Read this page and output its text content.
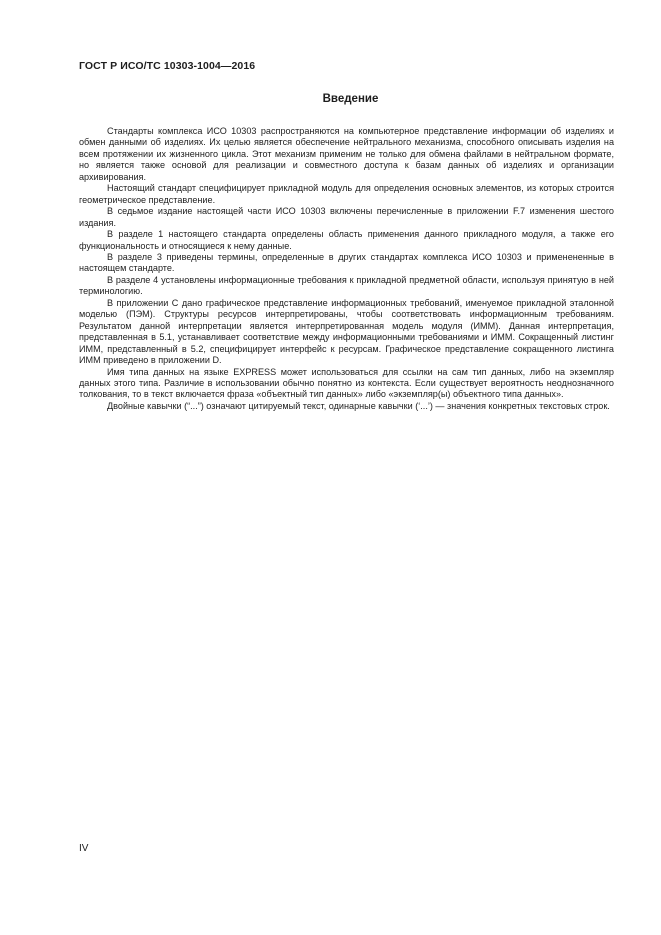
ГОСТ Р ИСО/ТС 10303-1004—2016
Введение

Стандарты комплекса ИСО 10303 распространяются на компьютерное представление информации об изделиях и обмен данными об изделиях. Их целью является обеспечение нейтрального механизма, способного описывать изделия на всем протяжении их жизненного цикла. Этот механизм применим не только для обмена файлами в нейтральном формате, но является также основой для реализации и совместного доступа к базам данных об изделиях и организации архивирования.

Настоящий стандарт специфицирует прикладной модуль для определения основных элементов, из которых строится геометрическое представление.

В седьмое издание настоящей части ИСО 10303 включены перечисленные в приложении F.7 изменения шестого издания.

В разделе 1 настоящего стандарта определены область применения данного прикладного модуля, а также его функциональность и относящиеся к нему данные.

В разделе 3 приведены термины, определенные в других стандартах комплекса ИСО 10303 и применененные в настоящем стандарте.

В разделе 4 установлены информационные требования к прикладной предметной области, используя принятую в ней терминологию.

В приложении С дано графическое представление информационных требований, именуемое прикладной эталонной моделью (ПЭМ). Структуры ресурсов интерпретированы, чтобы соответствовать информационным требованиям. Результатом данной интерпретации является интерпретированная модель модуля (ИММ). Данная интерпретация, представленная в 5.1, устанавливает соответствие между информационными требованиями и ИММ. Сокращенный листинг ИММ, представленный в 5.2, специфицирует интерфейс к ресурсам. Графическое представление сокращенного листинга ИММ приведено в приложении D.

Имя типа данных на языке EXPRESS может использоваться для ссылки на сам тип данных, либо на экземпляр данных этого типа. Различие в использовании обычно понятно из контекста. Если существует вероятность неоднозначного толкования, то в текст включается фраза «объектный тип данных» либо «экземпляр(ы) объектного типа данных».

Двойные кавычки (“...”) означают цитируемый текст, одинарные кавычки (‘...’) — значения конкретных текстовых строк.

IV
